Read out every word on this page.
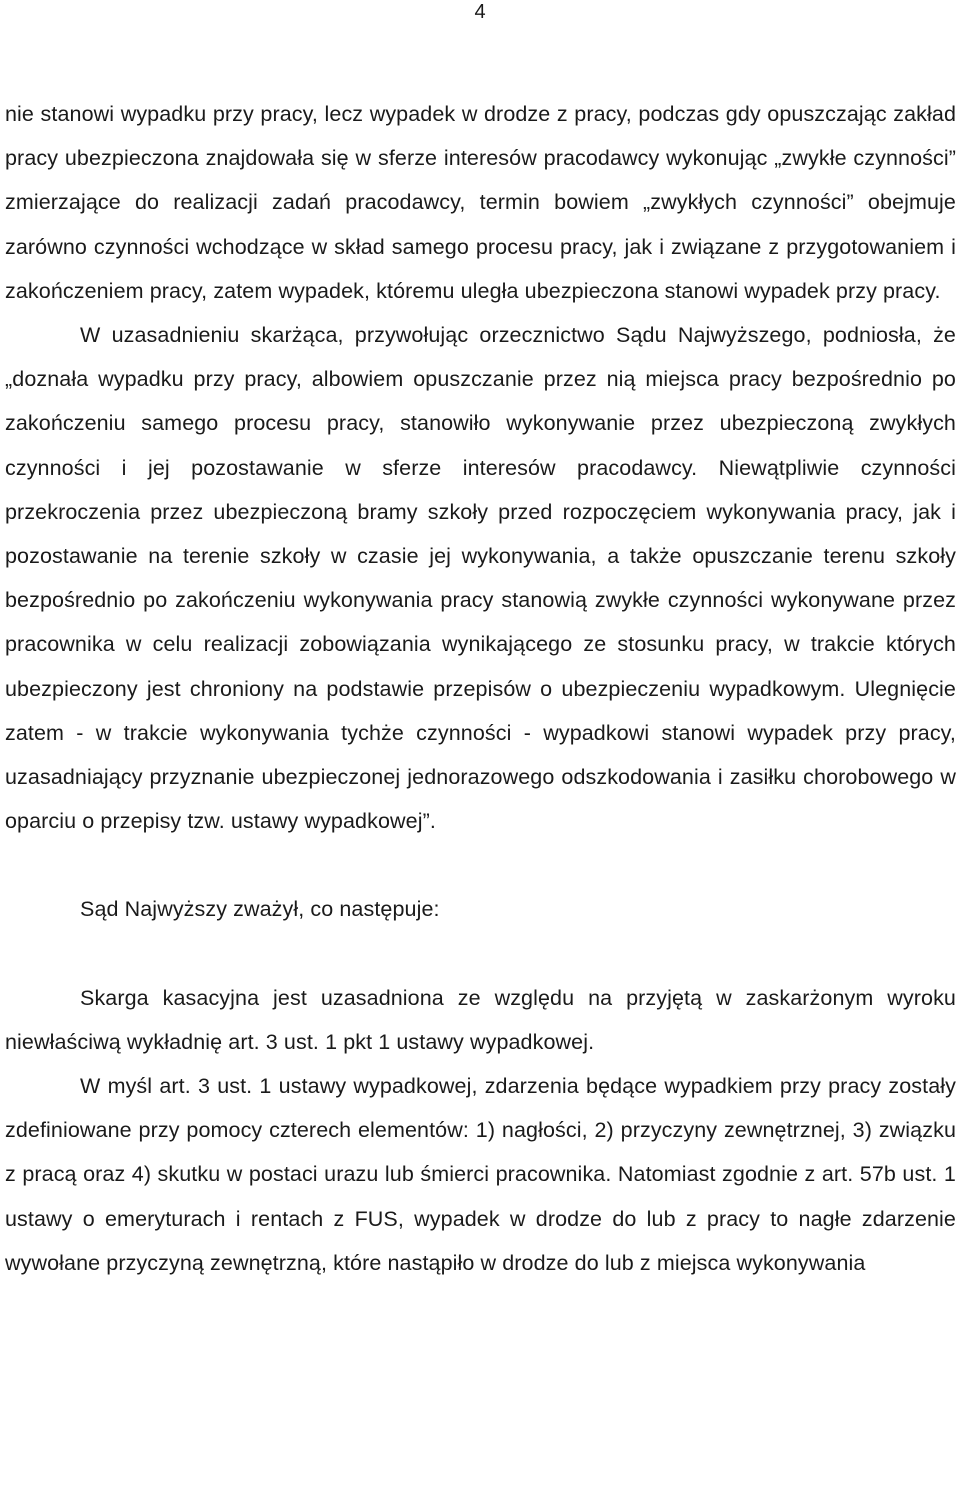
4

nie stanowi wypadku przy pracy, lecz wypadek w drodze z pracy, podczas gdy opuszczając zakład pracy ubezpieczona znajdowała się w sferze interesów pracodawcy wykonując „zwykłe czynności” zmierzające do realizacji zadań pracodawcy, termin bowiem „zwykłych czynności” obejmuje zarówno czynności wchodzące w skład samego procesu pracy, jak i związane z przygotowaniem i zakończeniem pracy, zatem wypadek, któremu uległa ubezpieczona stanowi wypadek przy pracy.

W uzasadnieniu skarżąca, przywołując orzecznictwo Sądu Najwyższego, podniosła, że „doznała wypadku przy pracy, albowiem opuszczanie przez nią miejsca pracy bezpośrednio po zakończeniu samego procesu pracy, stanowiło wykonywanie przez ubezpieczoną zwykłych czynności i jej pozostawanie w sferze interesów pracodawcy. Niewątpliwie czynności przekroczenia przez ubezpieczoną bramy szkoły przed rozpoczęciem wykonywania pracy, jak i pozostawanie na terenie szkoły w czasie jej wykonywania, a także opuszczanie terenu szkoły bezpośrednio po zakończeniu wykonywania pracy stanowią zwykłe czynności wykonywane przez pracownika w celu realizacji zobowiązania wynikającego ze stosunku pracy, w trakcie których ubezpieczony jest chroniony na podstawie przepisów o ubezpieczeniu wypadkowym. Ulegnięcie zatem - w trakcie wykonywania tychże czynności - wypadkowi stanowi wypadek przy pracy, uzasadniający przyznanie ubezpieczonej jednorazowego odszkodowania i zasiłku chorobowego w oparciu o przepisy tzw. ustawy wypadkowej”.

Sąd Najwyższy zważył, co następuje:

Skarga kasacyjna jest uzasadniona ze względu na przyjętą w zaskarżonym wyroku niewłaściwą wykładnię art. 3 ust. 1 pkt 1 ustawy wypadkowej.

W myśl art. 3 ust. 1 ustawy wypadkowej, zdarzenia będące wypadkiem przy pracy zostały zdefiniowane przy pomocy czterech elementów: 1) nagłości, 2) przyczyny zewnętrznej, 3) związku z pracą oraz 4) skutku w postaci urazu lub śmierci pracownika. Natomiast zgodnie z art. 57b ust. 1 ustawy o emeryturach i rentach z FUS, wypadek w drodze do lub z pracy to nagłe zdarzenie wywołane przyczyną zewnętrzną, które nastąpiło w drodze do lub z miejsca wykonywania
